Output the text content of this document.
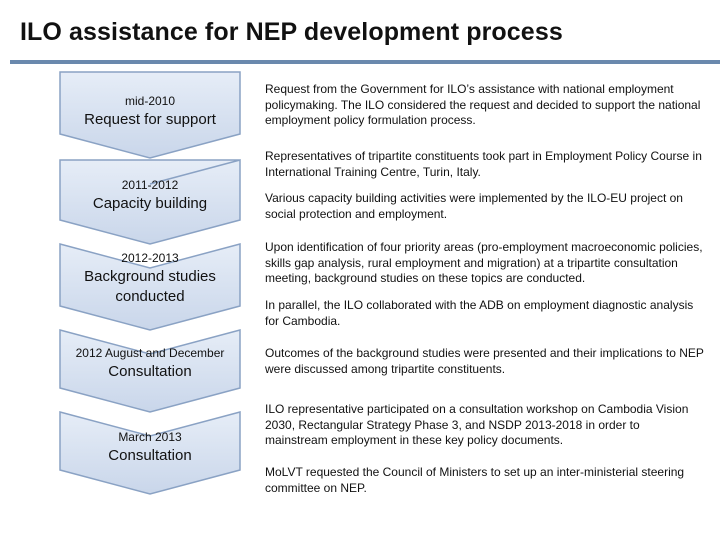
ILO assistance for NEP development process
mid-2010
Request for support
2011-2012
Capacity building
2012-2013
Background studies conducted
2012 August and December
Consultation
March 2013
Consultation
Request from the Government for ILO’s assistance with national employment policymaking. The ILO considered the request and decided to support the national employment policy formulation process.
Representatives of tripartite constituents took part in Employment Policy Course in International Training Centre, Turin, Italy.
Various capacity building activities were implemented by the ILO-EU project on social protection and employment.
Upon identification of four priority areas (pro-employment macroeconomic policies, skills gap analysis, rural employment and migration) at a tripartite consultation meeting, background studies on these topics are conducted.
In parallel, the ILO collaborated with the ADB on employment diagnostic analysis for Cambodia.
Outcomes of the background studies were presented and their implications to NEP were discussed among tripartite constituents.
ILO representative participated on a consultation workshop on Cambodia Vision 2030, Rectangular Strategy Phase 3, and NSDP 2013-2018 in order to mainstream employment in these key policy documents.
MoLVT requested the Council of Ministers to set up an inter-ministerial steering committee on NEP.
